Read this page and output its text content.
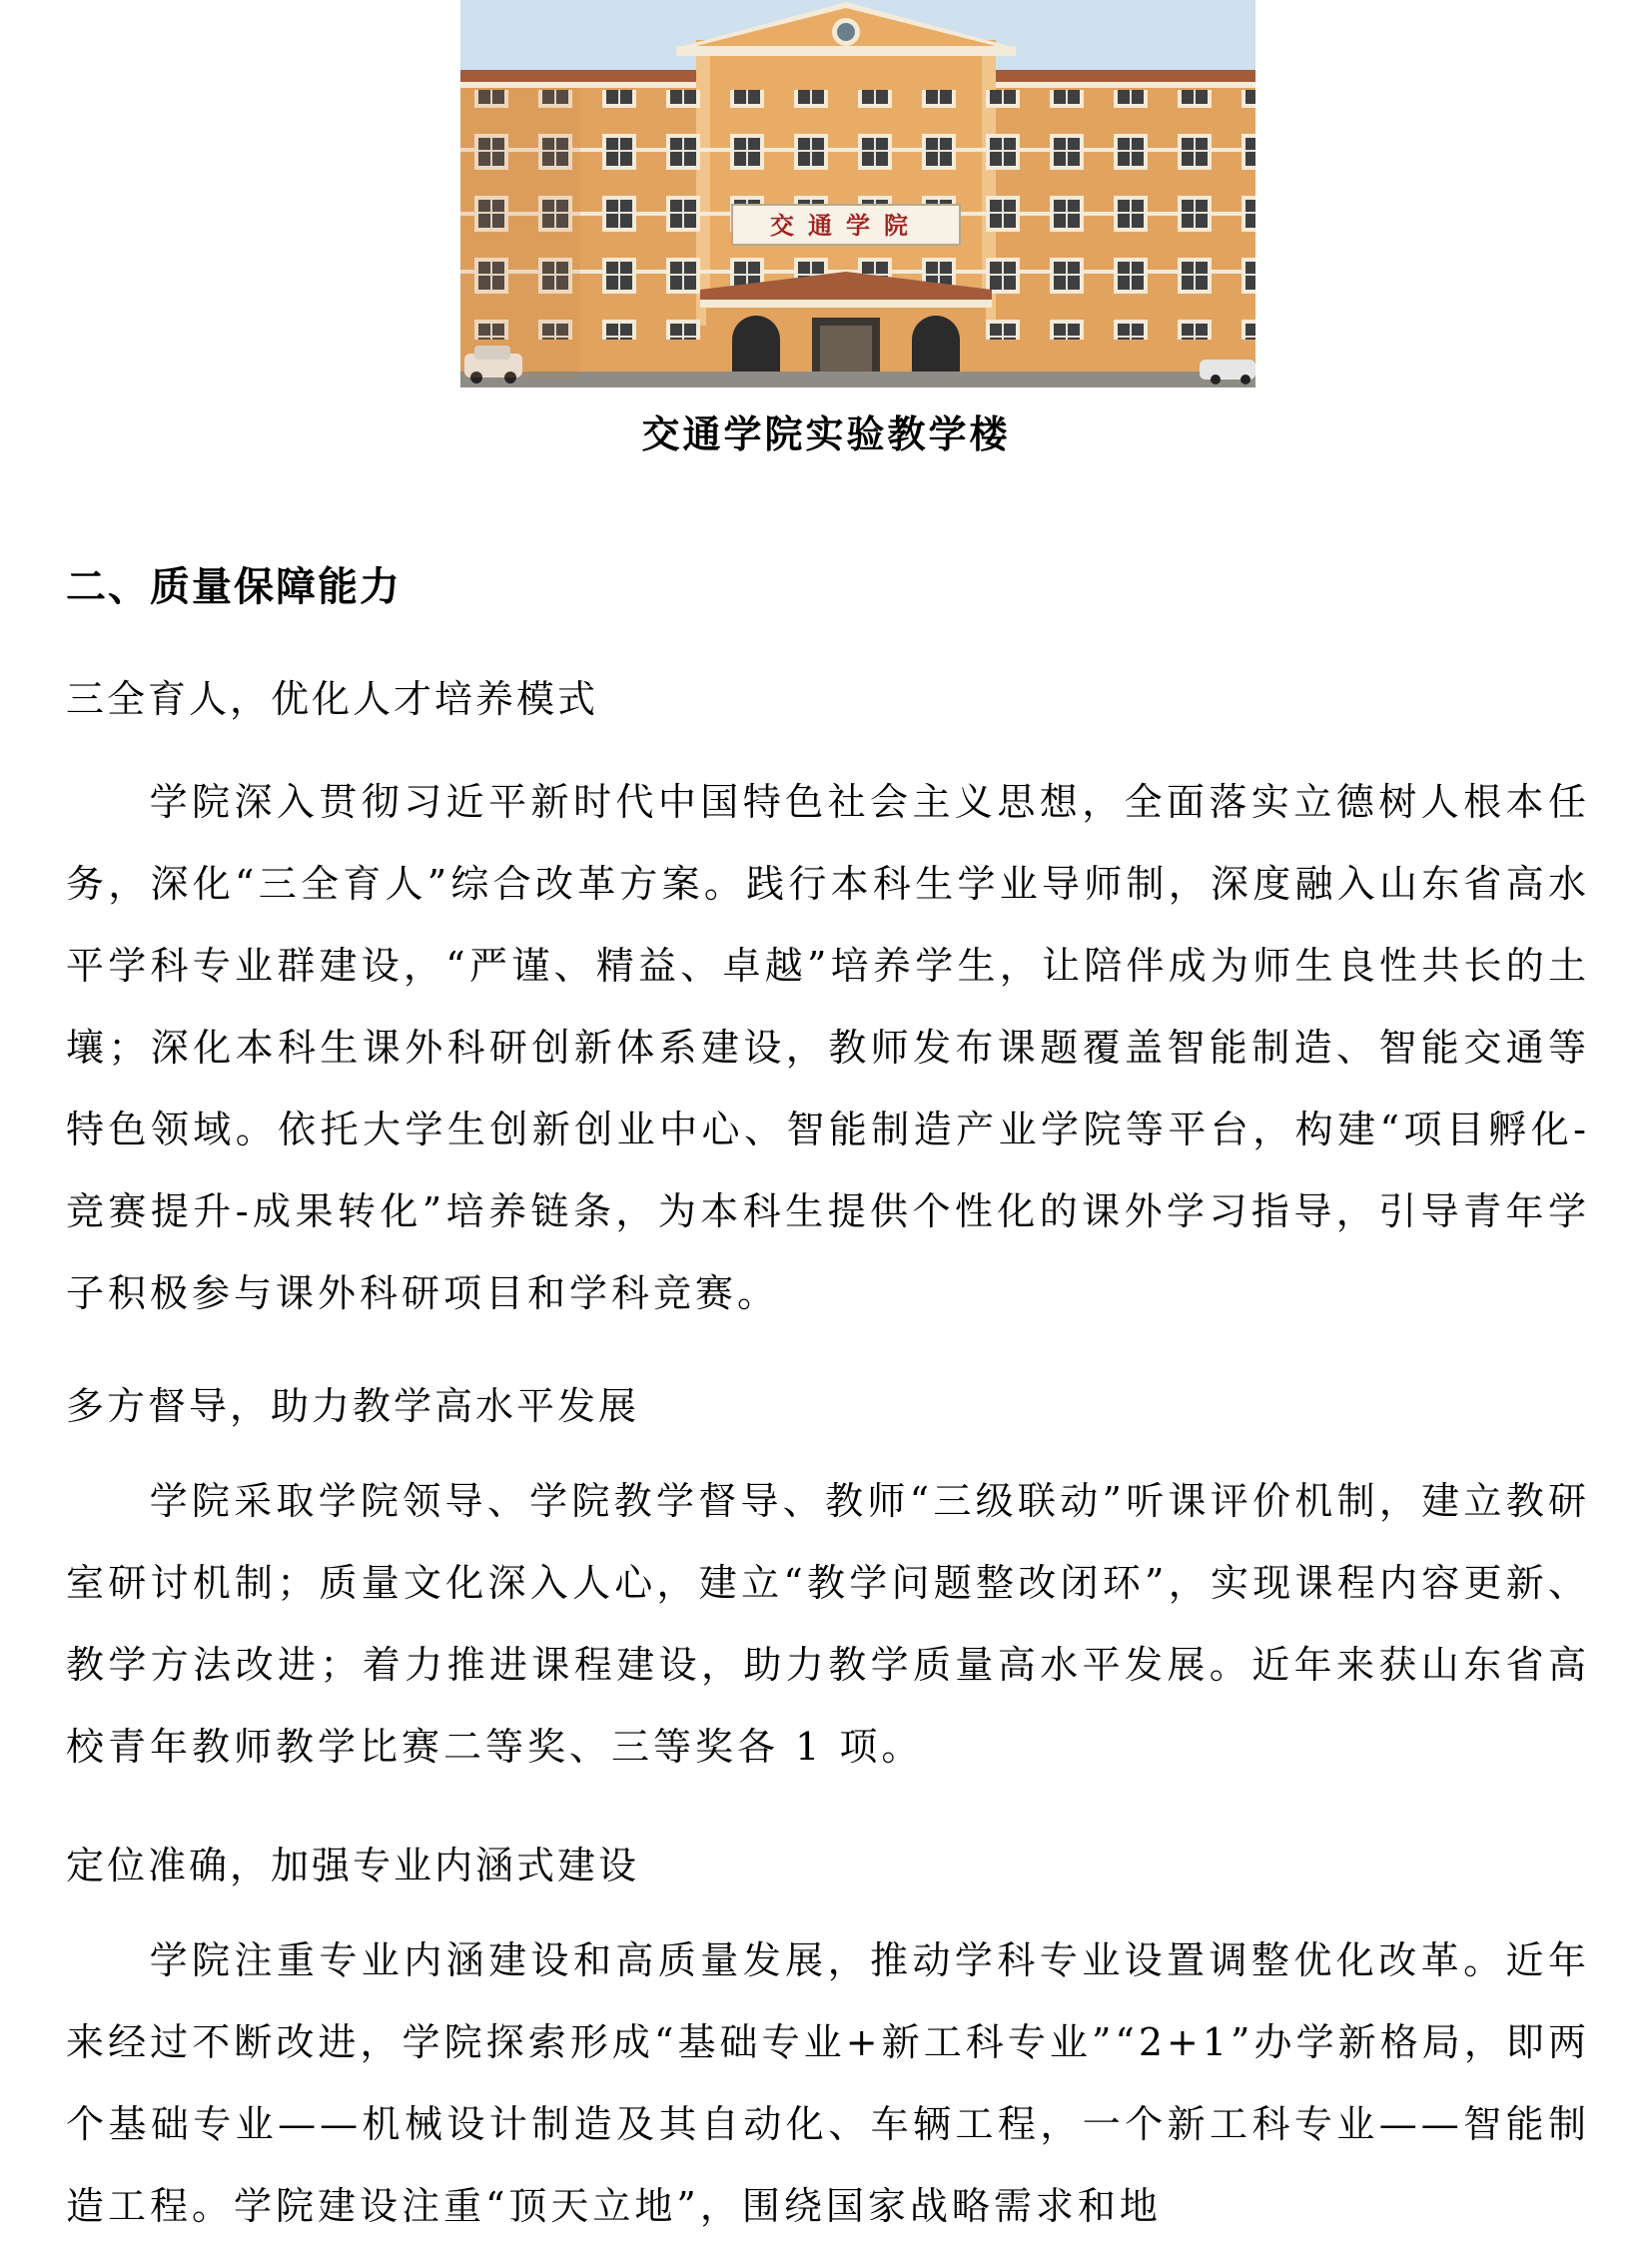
交通学院
交通学院实验教学楼
二、质量保障能力
三全育人，优化人才培养模式

学院深入贯彻习近平新时代中国特色社会主义思想，全面落实立德树人根本任务，深化“三全育人”综合改革方案。践行本科生学业导师制，深度融入山东省高水平学科专业群建设，“严谨、精益、卓越”培养学生，让陪伴成为师生良性共长的土壤；深化本科生课外科研创新体系建设，教师发布课题覆盖智能制造、智能交通等特色领域。依托大学生创新创业中心、智能制造产业学院等平台，构建“项目孵化-竞赛提升-成果转化”培养链条，为本科生提供个性化的课外学习指导，引导青年学子积极参与课外科研项目和学科竞赛。

多方督导，助力教学高水平发展

学院采取学院领导、学院教学督导、教师“三级联动”听课评价机制，建立教研室研讨机制；质量文化深入人心，建立“教学问题整改闭环”，实现课程内容更新、教学方法改进；着力推进课程建设，助力教学质量高水平发展。近年来获山东省高校青年教师教学比赛二等奖、三等奖各 1 项。

定位准确，加强专业内涵式建设

学院注重专业内涵建设和高质量发展，推动学科专业设置调整优化改革。近年来经过不断改进，学院探索形成“基础专业+新工科专业”“2+1”办学新格局，即两个基础专业——机械设计制造及其自动化、车辆工程，一个新工科专业——智能制造工程。学院建设注重“顶天立地”，围绕国家战略需求和地
